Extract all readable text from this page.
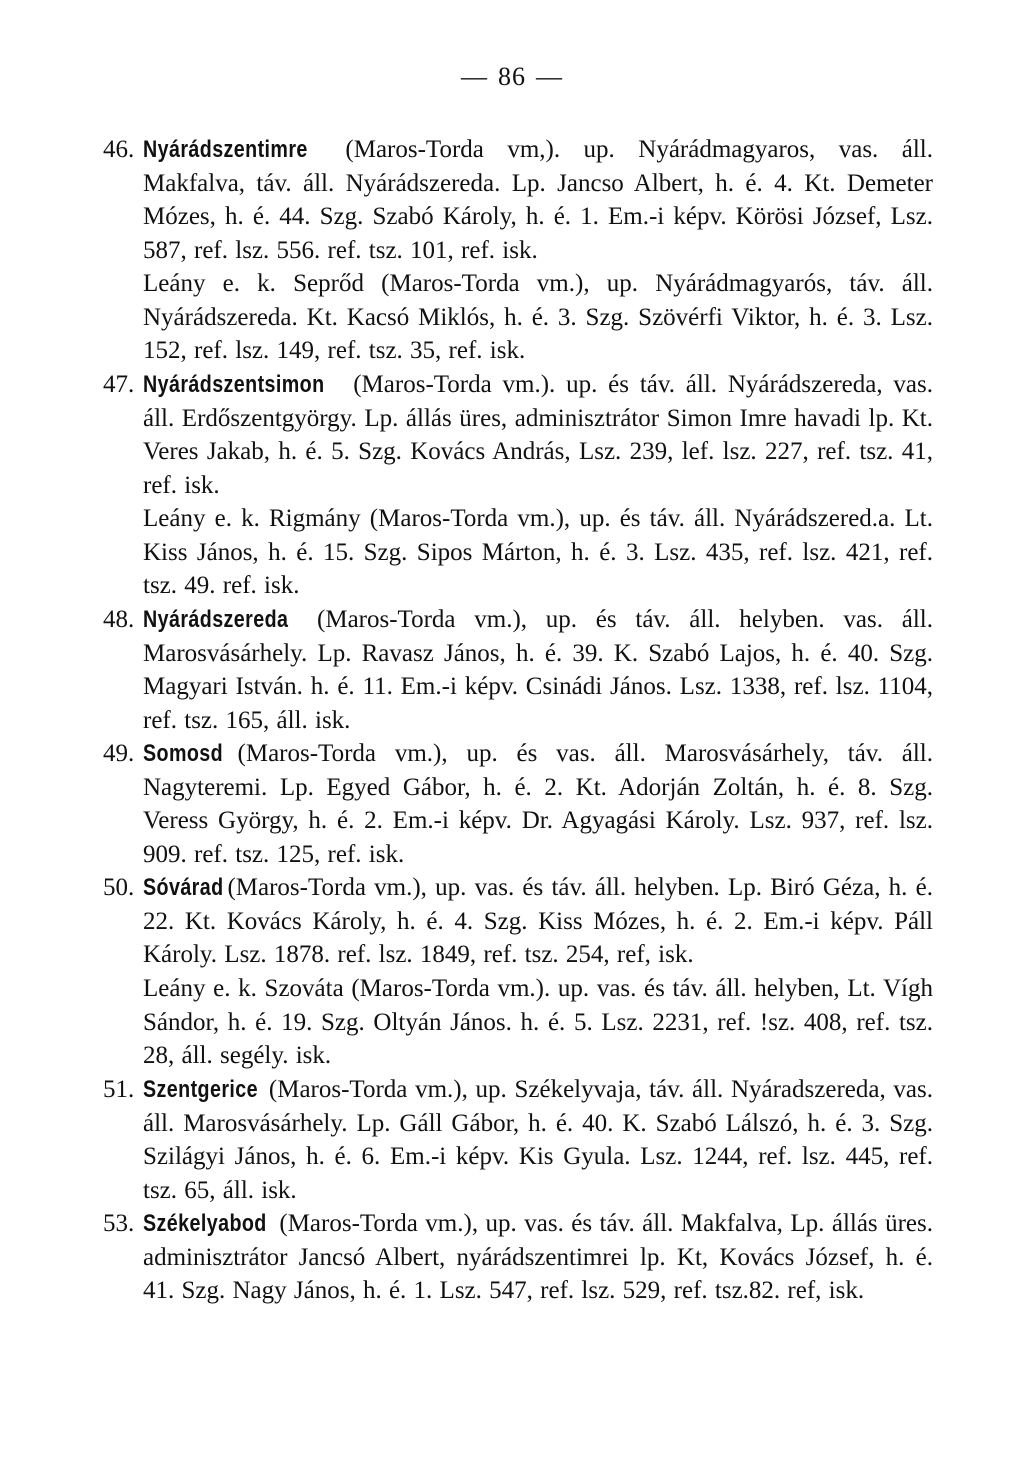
— 86 —
46. Nyárádszentimre (Maros-Torda vm,). up. Nyárádmagyaros, vas. áll. Makfalva, táv. áll. Nyárádszereda. Lp. Jancso Albert, h. é. 4. Kt. Demeter Mózes, h. é. 44. Szg. Szabó Károly, h. é. 1. Em.-i képv. Körösi József, Lsz. 587, ref. lsz. 556. ref. tsz. 101, ref. isk.
Leány e. k. Seprőd (Maros-Torda vm.), up. Nyárádmagyarós, táv. áll. Nyárádszereda. Kt. Kacsó Miklós, h. é. 3. Szg. Szövérfi Viktor, h. é. 3. Lsz. 152, ref. lsz. 149, ref. tsz. 35, ref. isk.
47. Nyárádszentsimon (Maros-Torda vm.). up. és táv. áll. Nyárádszereda, vas. áll. Erdőszentgyörgy. Lp. állás üres, adminisztrátor Simon Imre havadi lp. Kt. Veres Jakab, h. é. 5. Szg. Kovács András, Lsz. 239, lef. lsz. 227, ref. tsz. 41, ref. isk.
Leány e. k. Rigmány (Maros-Torda vm.), up. és táv. áll. Nyárádszered.a. Lt. Kiss János, h. é. 15. Szg. Sipos Márton, h. é. 3. Lsz. 435, ref. lsz. 421, ref. tsz. 49. ref. isk.
48. Nyárádszereda (Maros-Torda vm.), up. és táv. áll. helyben. vas. áll. Marosvásárhely. Lp. Ravasz János, h. é. 39. K. Szabó Lajos, h. é. 40. Szg. Magyari István. h. é. 11. Em.-i képv. Csinádi János. Lsz. 1338, ref. lsz. 1104, ref. tsz. 165, áll. isk.
49. Somosd (Maros-Torda vm.), up. és vas. áll. Marosvásárhely, táv. áll. Nagyteremi. Lp. Egyed Gábor, h. é. 2. Kt. Adorján Zoltán, h. é. 8. Szg. Veress György, h. é. 2. Em.-i képv. Dr. Agyagási Károly. Lsz. 937, ref. lsz. 909. ref. tsz. 125, ref. isk.
50. Sóvárad (Maros-Torda vm.), up. vas. és táv. áll. helyben. Lp. Biró Géza, h. é. 22. Kt. Kovács Károly, h. é. 4. Szg. Kiss Mózes, h. é. 2. Em.-i képv. Páll Károly. Lsz. 1878. ref. lsz. 1849, ref. tsz. 254, ref, isk.
Leány e. k. Szováta (Maros-Torda vm.). up. vas. és táv. áll. helyben, Lt. Vígh Sándor, h. é. 19. Szg. Oltyán János. h. é. 5. Lsz. 2231, ref. !sz. 408, ref. tsz. 28, áll. segély. isk.
51. Szentgerice (Maros-Torda vm.), up. Székelyvaja, táv. áll. Nyáradszereda, vas. áll. Marosvásárhely. Lp. Gáll Gábor, h. é. 40. K. Szabó Lálszó, h. é. 3. Szg. Szilágyi János, h. é. 6. Em.-i képv. Kis Gyula. Lsz. 1244, ref. lsz. 445, ref. tsz. 65, áll. isk.
53. Székelyabod (Maros-Torda vm.), up. vas. és táv. áll. Makfalva, Lp. állás üres. adminisztrátor Jancsó Albert, nyárádszentimrei lp. Kt, Kovács József, h. é. 41. Szg. Nagy János, h. é. 1. Lsz. 547, ref. lsz. 529, ref. tsz.82. ref, isk.
